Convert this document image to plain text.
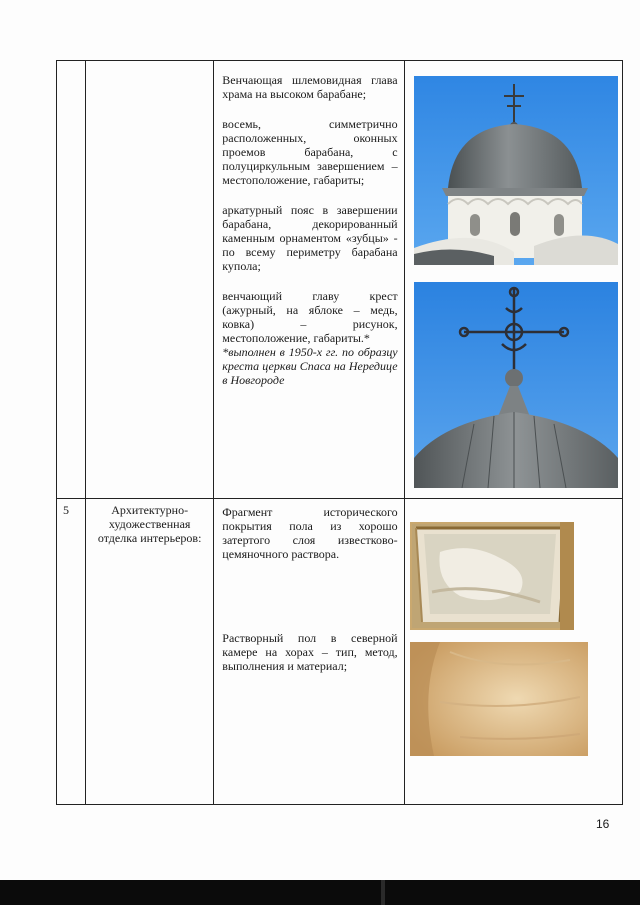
		Венчающая шлемовидная глава храма на высоком барабане;

восемь, симметрично расположенных, оконных проемов барабана, с полуциркульным завершением – местоположение, габариты;

аркатурный пояс в завершении барабана, декорированный каменным орнаментом «зубцы» - по всему периметру барабана купола;

венчающий главу крест (ажурный, на яблоке – медь, ковка) – рисунок, местоположение, габариты.*

*выполнен в 1950-х гг. по образцу креста церкви Спаса на Нередице в Новгороде	

5	Архитектурно-художественная отделка интерьеров:	Фрагмент исторического покрытия пола из хорошо затертого слоя известково-цемяночного раствора.

Растворный пол в северной камере на хорах – тип, метод, выполнения и материал;	

16
